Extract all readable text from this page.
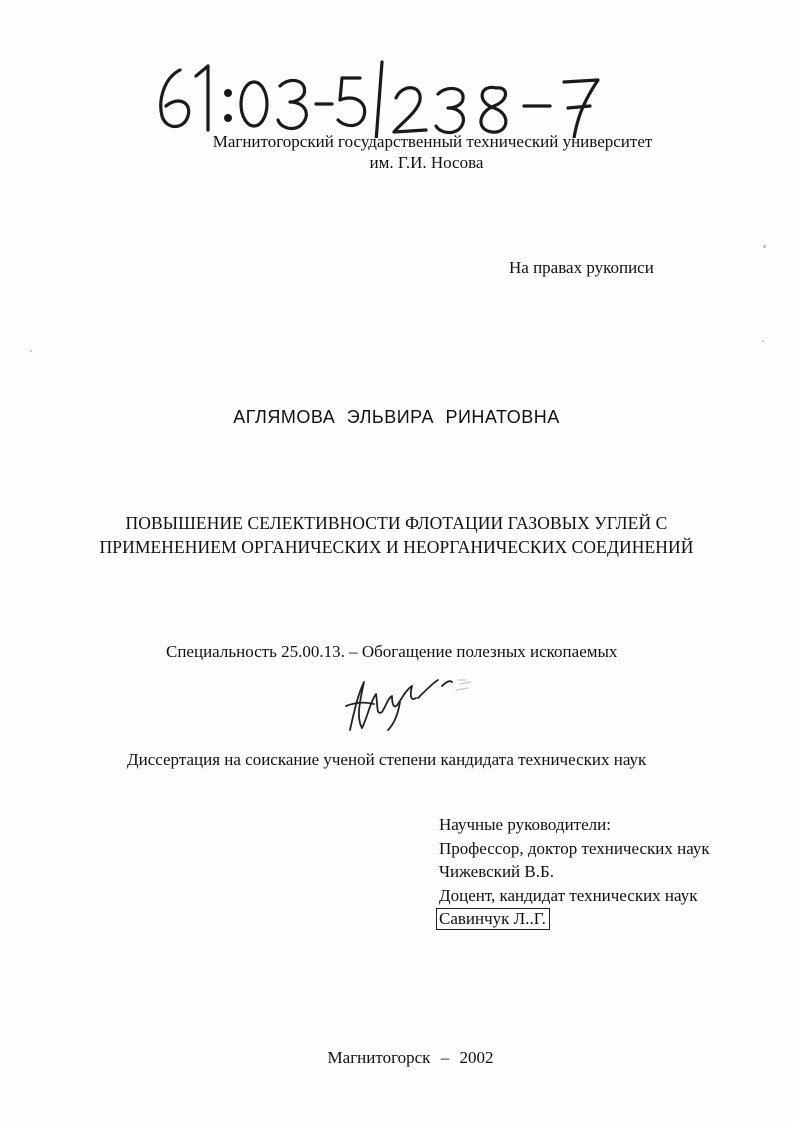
Магнитогорский государственный технический университет
им. Г.И. Носова
На правах рукописи
АГЛЯМОВА ЭЛЬВИРА РИНАТОВНА
ПОВЫШЕНИЕ СЕЛЕКТИВНОСТИ ФЛОТАЦИИ ГАЗОВЫХ УГЛЕЙ С
ПРИМЕНЕНИЕМ ОРГАНИЧЕСКИХ И НЕОРГАНИЧЕСКИХ СОЕДИНЕНИЙ
Специальность 25.00.13. – Обогащение полезных ископаемых
Диссертация на соискание ученой степени кандидата технических наук
Научные руководители:
Профессор, доктор технических наук
Чижевский В.Б.
Доцент, кандидат технических наук
Савинчук Л..Г.
Магнитогорск – 2002
